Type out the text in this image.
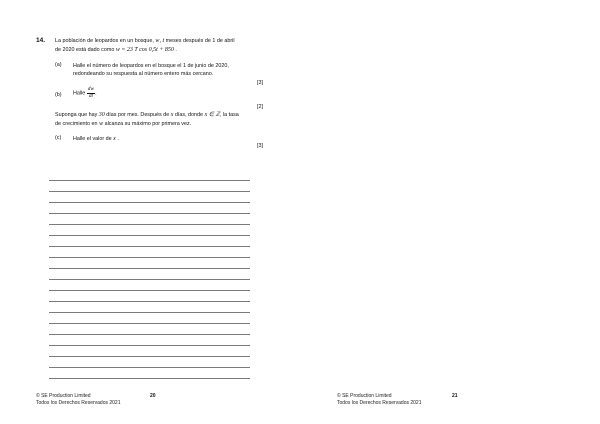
14. La población de leopardos en un bosque, w, t meses después de 1 de abril
de 2020 está dado como w = 23 T cos 0,5t + 850 .
(a) Halle el número de leopardos en el bosque el 1 de junio de 2020,
redondeando su respuesta al número entero más cercano.
[3]
(b) Halle $\frac{dw}{dt}$ .
[2]
Suponga que hay 30 días por mes. Después de x días, donde x ∈ ℤ, la tasa
de crecimiento en w alcanza su máximo por primera vez.
(c) Halle el valor de x .
[3]
© SE Production Limited
Todos los Derechos Reservados 2021
20	© SE Production Limited
Todos los Derechos Reservados 2021
21
